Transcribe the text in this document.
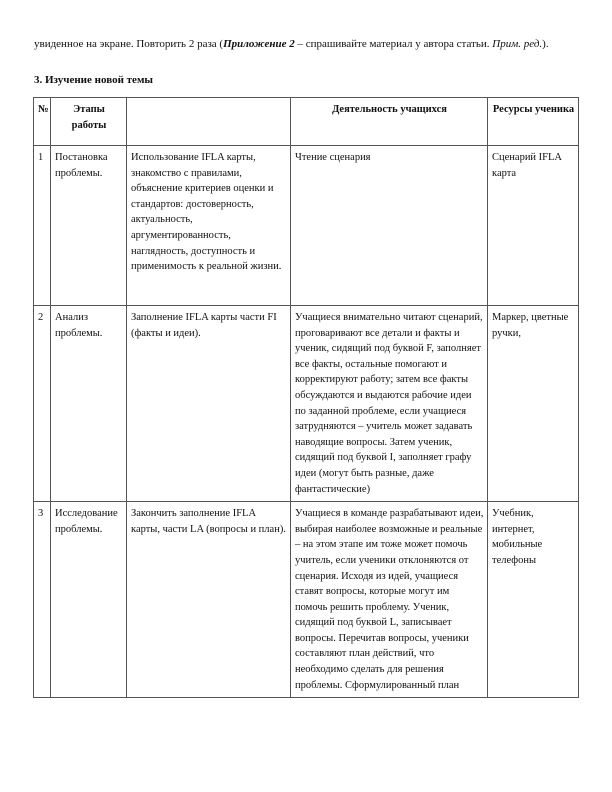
увиденное на экране. Повторить 2 раза (Приложение 2 – спрашивайте материал у автора статьи. Прим. ред.).
3. Изучение новой темы
№	Этапы работы		Деятельность учащихся	Ресурсы ученика
1	Постановка проблемы.	Использование IFLA карты, знакомство с правилами, объяснение критериев оценки и стандартов: достоверность, актуальность, аргументированность, наглядность, доступность и применимость к реальной жизни.	Чтение сценария	Сценарий IFLA карта
2	Анализ проблемы.	Заполнение IFLA карты части FI (факты и идеи).	Учащиеся внимательно читают сценарий, проговаривают все детали и факты и ученик, сидящий под буквой F, заполняет все факты, остальные помогают и корректируют работу; затем все факты обсуждаются и выдаются рабочие идеи по заданной проблеме, если учащиеся затрудняются – учитель может задавать наводящие вопросы. Затем ученик, сидящий под буквой I, заполняет графу идеи (могут быть разные, даже фантастические)	Маркер, цветные ручки,
3	Исследование проблемы.	Закончить заполнение IFLA карты, части LA (вопросы и план).	Учащиеся в команде разрабатывают идеи, выбирая наиболее возможные и реальные – на этом этапе им тоже может помочь учитель, если ученики отклоняются от сценария. Исходя из идей, учащиеся ставят вопросы, которые могут им помочь решить проблему. Ученик, сидящий под буквой L, записывает вопросы. Перечитав вопросы, ученики составляют план действий, что необходимо сделать для решения проблемы. Сформулированный план	Учебник, интернет, мобильные телефоны
